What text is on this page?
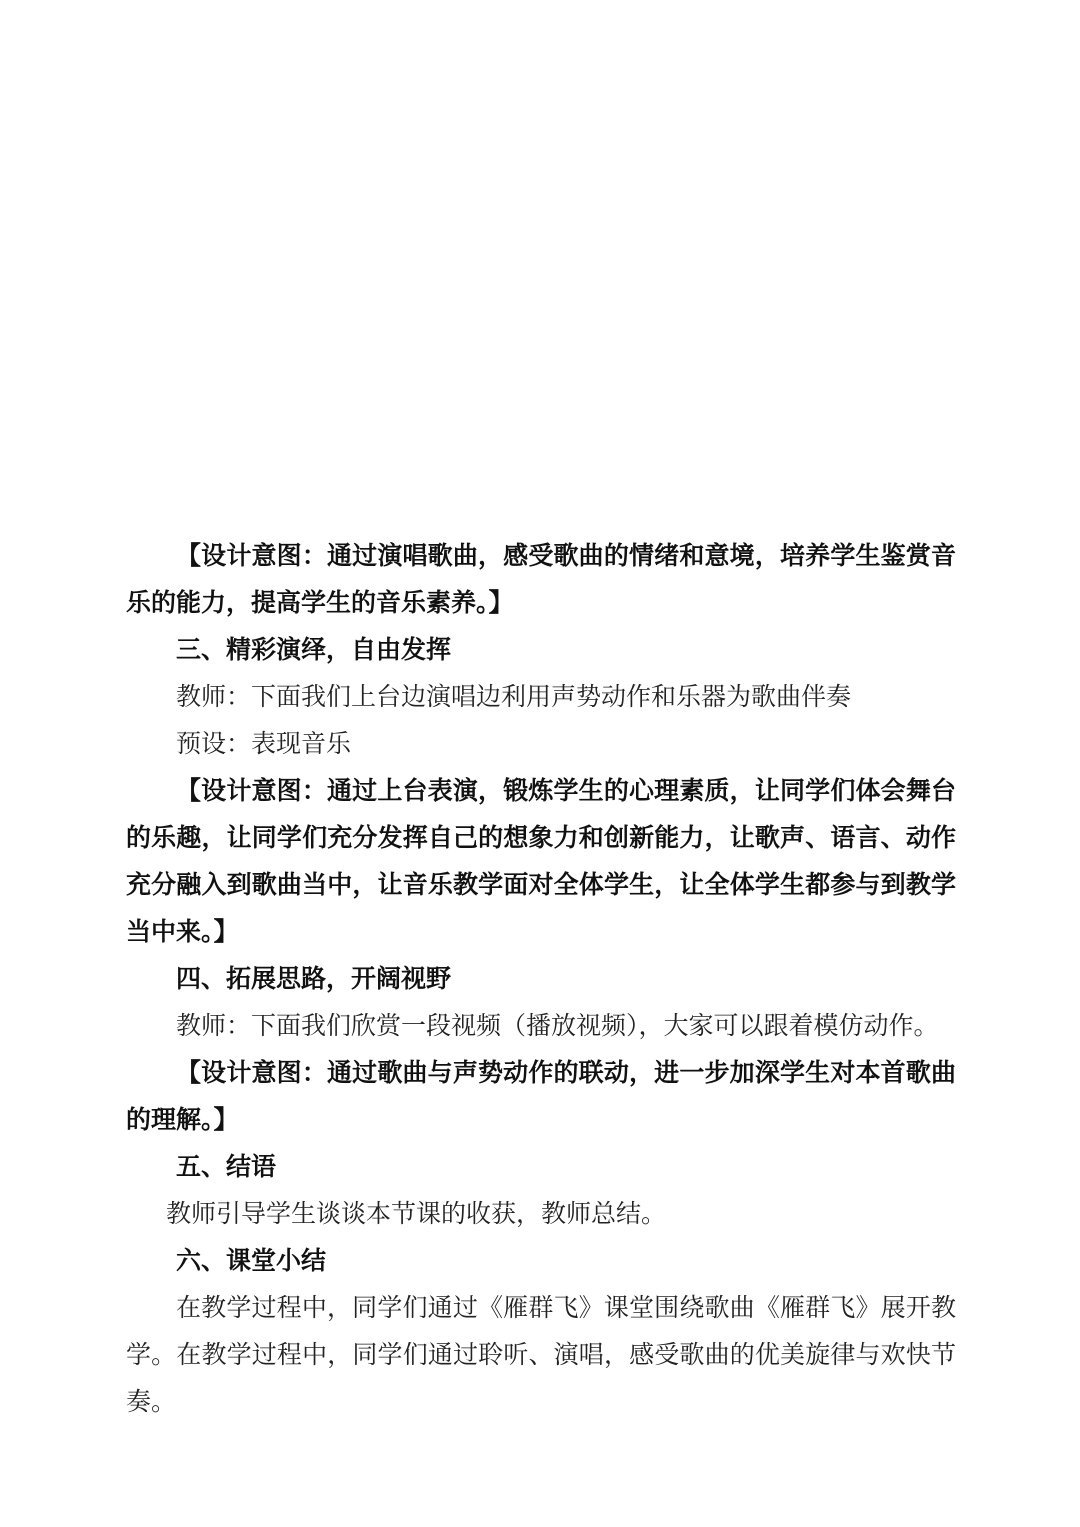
【设计意图：通过演唱歌曲，感受歌曲的情绪和意境，培养学生鉴赏音乐的能力，提高学生的音乐素养。】

三、精彩演绎，自由发挥

教师：下面我们上台边演唱边利用声势动作和乐器为歌曲伴奏

预设：表现音乐

【设计意图：通过上台表演，锻炼学生的心理素质，让同学们体会舞台的乐趣，让同学们充分发挥自己的想象力和创新能力，让歌声、语言、动作充分融入到歌曲当中，让音乐教学面对全体学生，让全体学生都参与到教学当中来。】

四、拓展思路，开阔视野

教师：下面我们欣赏一段视频（播放视频），大家可以跟着模仿动作。

【设计意图：通过歌曲与声势动作的联动，进一步加深学生对本首歌曲的理解。】

五、结语

教师引导学生谈谈本节课的收获，教师总结。

六、课堂小结

在教学过程中，同学们通过《雁群飞》课堂围绕歌曲《雁群飞》展开教学。在教学过程中，同学们通过聆听、演唱，感受歌曲的优美旋律与欢快节奏。
